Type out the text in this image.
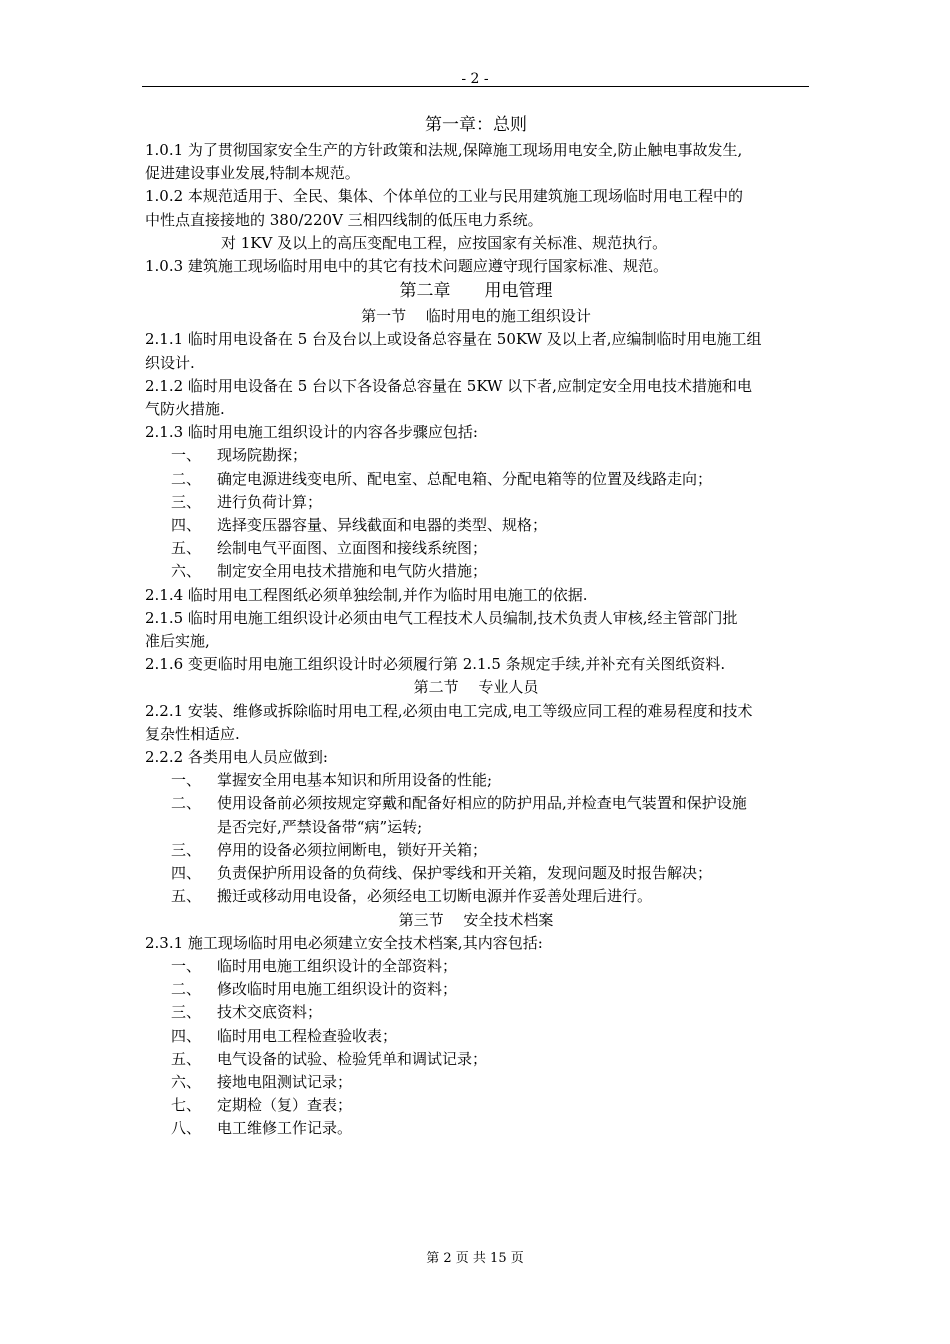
- 2 -
第一章：总则
1.0.1 为了贯彻国家安全生产的方针政策和法规,保障施工现场用电安全,防止触电事故发生,
促进建设事业发展,特制本规范。
1.0.2 本规范适用于、全民、集体、个体单位的工业与民用建筑施工现场临时用电工程中的
中性点直接接地的 380/220V 三相四线制的低压电力系统。
对 1KV 及以上的高压变配电工程，应按国家有关标准、规范执行。
1.0.3 建筑施工现场临时用电中的其它有技术问题应遵守现行国家标准、规范。
第二章　　用电管理
第一节　 临时用电的施工组织设计
2.1.1 临时用电设备在 5 台及台以上或设备总容量在 50KW 及以上者,应编制临时用电施工组
织设计.
2.1.2 临时用电设备在 5 台以下各设备总容量在 5KW 以下者,应制定安全用电技术措施和电
气防火措施.
2.1.3 临时用电施工组织设计的内容各步骤应包括:
一、 现场院勘探；
二、 确定电源进线变电所、配电室、总配电箱、分配电箱等的位置及线路走向；
三、 进行负荷计算；
四、 选择变压器容量、异线截面和电器的类型、规格；
五、 绘制电气平面图、立面图和接线系统图；
六、 制定安全用电技术措施和电气防火措施；
2.1.4 临时用电工程图纸必须单独绘制,并作为临时用电施工的依据.
2.1.5 临时用电施工组织设计必须由电气工程技术人员编制,技术负责人审核,经主管部门批
准后实施,
2.1.6 变更临时用电施工组织设计时必须履行第 2.1.5 条规定手续,并补充有关图纸资料.
第二节　 专业人员
2.2.1 安装、维修或拆除临时用电工程,必须由电工完成,电工等级应同工程的难易程度和技术
复杂性相适应.
2.2.2 各类用电人员应做到:
一、 掌握安全用电基本知识和所用设备的性能;
二、 使用设备前必须按规定穿戴和配备好相应的防护用品,并检查电气装置和保护设施
是否完好,严禁设备带“病”运转;
三、 停用的设备必须拉闸断电，锁好开关箱；
四、 负责保护所用设备的负荷线、保护零线和开关箱，发现问题及时报告解决；
五、 搬迁或移动用电设备，必须经电工切断电源并作妥善处理后进行。
第三节　 安全技术档案
2.3.1 施工现场临时用电必须建立安全技术档案,其内容包括:
一、 临时用电施工组织设计的全部资料；
二、 修改临时用电施工组织设计的资料；
三、 技术交底资料；
四、 临时用电工程检查验收表；
五、 电气设备的试验、检验凭单和调试记录；
六、 接地电阻测试记录；
七、 定期检（复）查表；
八、 电工维修工作记录。
第 2 页 共 15 页
